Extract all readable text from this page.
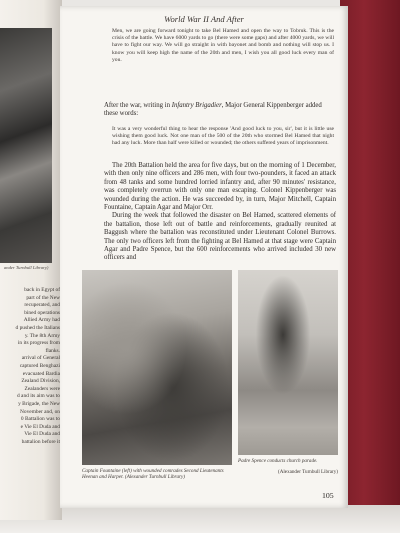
ander Turnbull Library)
back in Egypt of
part of the New
recuperated, and
bined operations
Allied Army had
d pushed the Italians
y. The 8th Army
in its progress from
flanks.
arrival of General
captured Benghazi
evacuated Bardia
Zealand Division,
Zealanders were
d and its aim was to
y Brigade, the New
November and, on
0 Battalion was to
e Vie El Duda and
Vie El Duda and
battalion before it
World War II And After
Men, we are going forward tonight to take Bel Hamed and open the way to Tobruk. This is the crisis of the battle. We have 6000 yards to go (there were some gaps) and after 4000 yards, we will have to fight our way. We will go straight in with bayonet and bomb and nothing will stop us. I know you will keep high the name of the 20th and men, I wish you all good luck every man of you.
After the war, writing in Infantry Brigadier, Major General Kippenberger added these words:
It was a very wonderful thing to hear the response 'And good luck to you, sir', but it is little use wishing them good luck. Not one man of the 500 of the 20th who stormed Bel Hamed that night had any luck. More than half were killed or wounded; the others suffered years of imprisonment.

The 20th Battalion held the area for five days, but on the morning of 1 December, with then only nine officers and 286 men, with four two-pounders, it faced an attack from 48 tanks and some hundred lorried infantry and, after 90 minutes' resistance, was completely overrun with only one man escaping. Colonel Kippenberger was wounded during the action. He was succeeded by, in turn, Major Mitchell, Captain Fountaine, Captain Agar and Major Orr.

During the week that followed the disaster on Bel Hamed, scattered elements of the battalion, those left out of battle and reinforcements, gradually reunited at Baggush where the battalion was reconstituted under Lieutenant Colonel Burrows. The only two officers left from the fighting at Bel Hamed at that stage were Captain Agar and Padre Spence, but the 600 reinforcements who arrived included 30 new officers and

Captain Fountaine (left) with wounded comrades Second Lieutenants Heenan and Harper. (Alexander Turnbull Library)
Padre Spence conducts church parade.
(Alexander Turnbull Library)
105
